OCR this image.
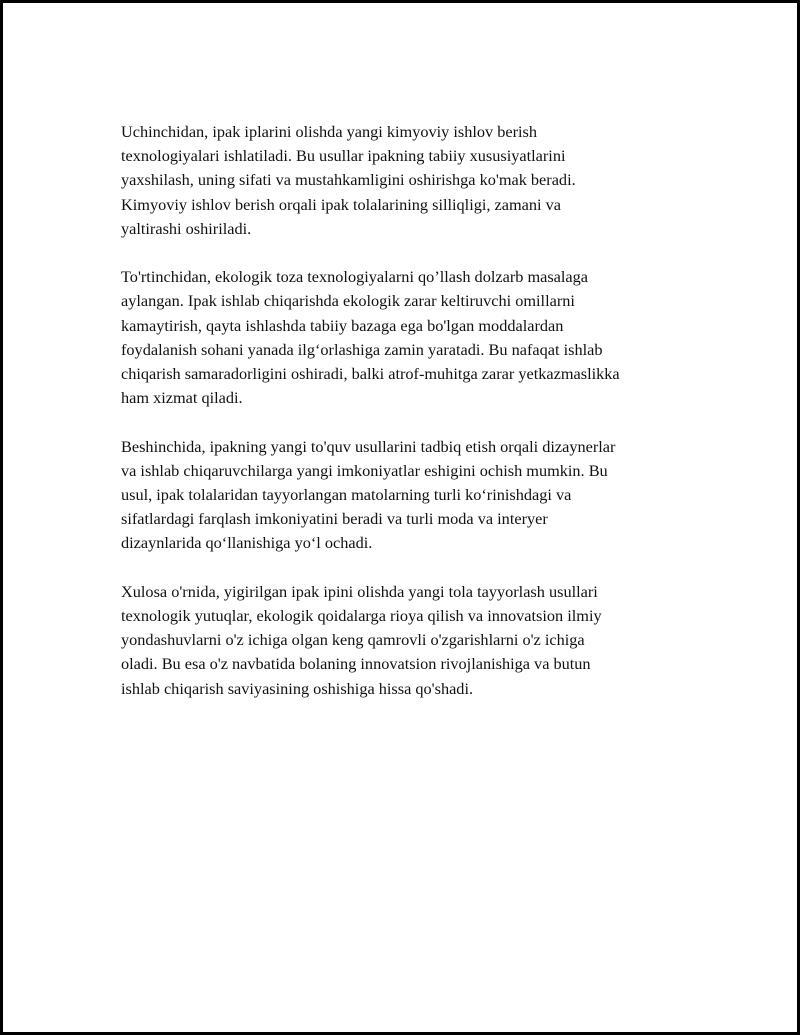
Uchinchidan, ipak iplarini olishda yangi kimyoviy ishlov berish
texnologiyalari ishlatiladi. Bu usullar ipakning tabiiy xususiyatlarini
yaxshilash, uning sifati va mustahkamligini oshirishga ko'mak beradi.
Kimyoviy ishlov berish orqali ipak tolalarining silliqligi, zamani va
yaltirashi oshiriladi.

To'rtinchidan, ekologik toza texnologiyalarni qo’llash dolzarb masalaga
aylangan. Ipak ishlab chiqarishda ekologik zarar keltiruvchi omillarni
kamaytirish, qayta ishlashda tabiiy bazaga ega bo'lgan moddalardan
foydalanish sohani yanada ilg‘orlashiga zamin yaratadi. Bu nafaqat ishlab
chiqarish samaradorligini oshiradi, balki atrof-muhitga zarar yetkazmaslikka
ham xizmat qiladi.

Beshinchida, ipakning yangi to'quv usullarini tadbiq etish orqali dizaynerlar
va ishlab chiqaruvchilarga yangi imkoniyatlar eshigini ochish mumkin. Bu
usul, ipak tolalaridan tayyorlangan matolarning turli ko‘rinishdagi va
sifatlardagi farqlash imkoniyatini beradi va turli moda va interyer
dizaynlarida qo‘llanishiga yo‘l ochadi.

Xulosa o'rnida, yigirilgan ipak ipini olishda yangi tola tayyorlash usullari
texnologik yutuqlar, ekologik qoidalarga rioya qilish va innovatsion ilmiy
yondashuvlarni o'z ichiga olgan keng qamrovli o'zgarishlarni o'z ichiga
oladi. Bu esa o'z navbatida bolaning innovatsion rivojlanishiga va butun
ishlab chiqarish saviyasining oshishiga hissa qo'shadi.
